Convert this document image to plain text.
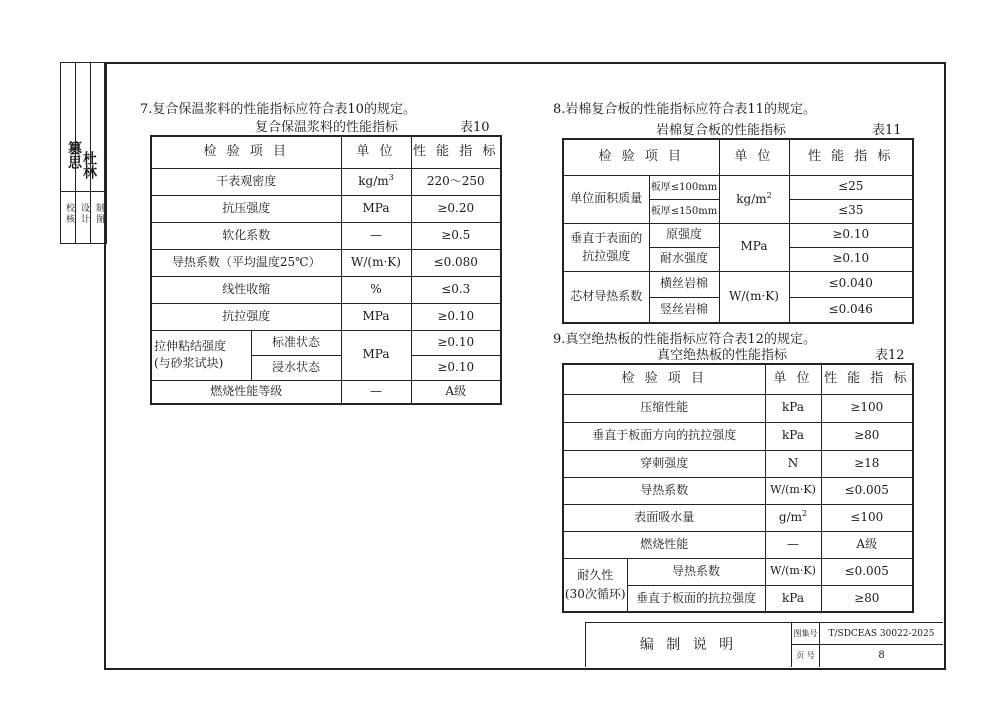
篡思 杜林
校核 设计 制图
7.复合保温浆料的性能指标应符合表10的规定。
复合保温浆料的性能指标	表10
检 验 项 目		单 位	性 能 指 标
干表观密度		$kg/m^3$	220～250
抗压强度		MPa	≥0.20
软化系数		—	≥0.5
导热系数（平均温度25℃）		W/(m·K)	≤0.080
线性收缩		%	≤0.3
抗拉强度		MPa	≥0.10

拉伸粘结强度
(与砂浆试块)	标准状态	MPa	≥0.10
	浸水状态		≥0.10
燃烧性能等级		—	A级
8.岩棉复合板的性能指标应符合表11的规定。
岩棉复合板的性能指标	表11
检 验 项 目		单 位	性 能 指 标
单位面积质量	板厚≤100mm	$kg/m^2$	≤25
	板厚≤150mm		≤35

垂直于表面的
抗拉强度	原强度	MPa	≥0.10
	耐水强度		≥0.10
芯材导热系数	横丝岩棉	W/(m·K)	≤0.040
	竖丝岩棉		≤0.046
9.真空绝热板的性能指标应符合表12的规定。
真空绝热板的性能指标	表12
检 验 项 目		单 位	性 能 指 标
压缩性能		kPa	≥100
垂直于板面方向的抗拉强度		kPa	≥80
穿刺强度		N	≥18
导热系数		W/(m·K)	≤0.005
表面吸水量		$g/m^2$	≤100
燃烧性能		—	A级

耐久性
(30次循环)	导热系数	W/(m·K)	≤0.005
	垂直于板面的抗拉强度	kPa	≥80
编 制 说 明
图集号	T/SDCEAS 30022-2025
页 号	8
